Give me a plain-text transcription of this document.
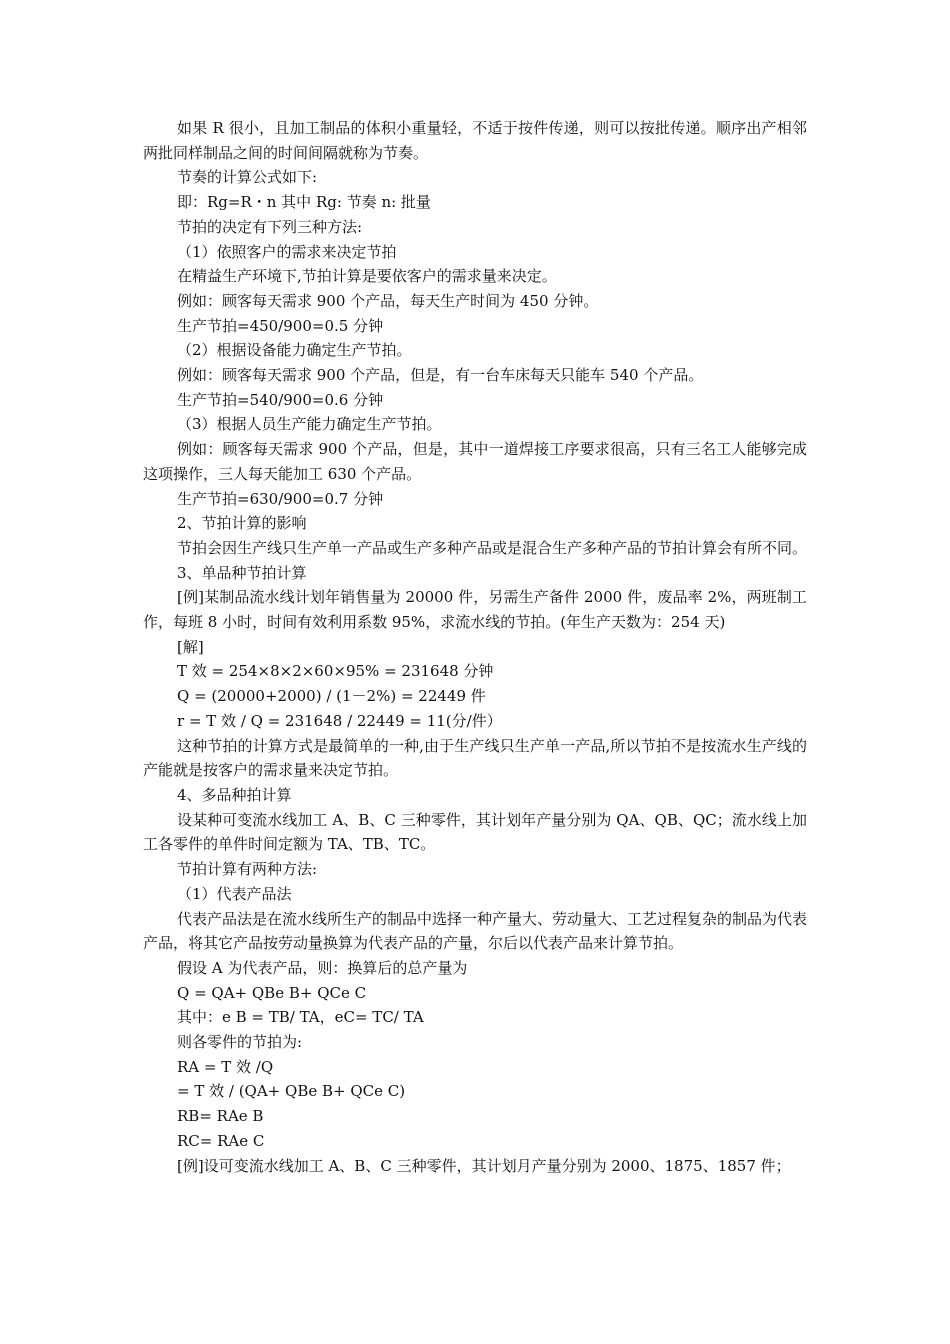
如果 R 很小，且加工制品的体积小重量轻，不适于按件传递，则可以按批传递。顺序出产相邻两批同样制品之间的时间间隔就称为节奏。

节奏的计算公式如下:

即：Rg=R・n 其中 Rg: 节奏 n: 批量

节拍的决定有下列三种方法:

（1）依照客户的需求来决定节拍

在精益生产环境下,节拍计算是要依客户的需求量来决定。

例如：顾客每天需求 900 个产品，每天生产时间为 450 分钟。

生产节拍=450/900=0.5 分钟

（2）根据设备能力确定生产节拍。

例如：顾客每天需求 900 个产品，但是，有一台车床每天只能车 540 个产品。

生产节拍=540/900=0.6 分钟

（3）根据人员生产能力确定生产节拍。

例如：顾客每天需求 900 个产品，但是，其中一道焊接工序要求很高，只有三名工人能够完成这项操作，三人每天能加工 630 个产品。

生产节拍=630/900=0.7 分钟

2、节拍计算的影响

节拍会因生产线只生产单一产品或生产多种产品或是混合生产多种产品的节拍计算会有所不同。

3、单品种节拍计算

[例]某制品流水线计划年销售量为 20000 件，另需生产备件 2000 件，废品率 2%，两班制工作，每班 8 小时，时间有效利用系数 95%，求流水线的节拍。(年生产天数为：254 天)

[解]

T 效 = 254×8×2×60×95% = 231648 分钟

Q = (20000+2000) / (1－2%) = 22449 件

r = T 效 / Q = 231648 / 22449 = 11(分/件）

这种节拍的计算方式是最简单的一种,由于生产线只生产单一产品,所以节拍不是按流水生产线的产能就是按客户的需求量来决定节拍。

4、多品种拍计算

设某种可变流水线加工 A、B、C 三种零件，其计划年产量分别为 QA、QB、QC；流水线上加工各零件的单件时间定额为 TA、TB、TC。

节拍计算有两种方法:

（1）代表产品法

代表产品法是在流水线所生产的制品中选择一种产量大、劳动量大、工艺过程复杂的制品为代表产品，将其它产品按劳动量换算为代表产品的产量，尔后以代表产品来计算节拍。

假设 A 为代表产品，则：换算后的总产量为

Q = QA+ QBe B+ QCe C

其中：e B = TB/ TA，eC= TC/ TA

则各零件的节拍为:

RA = T 效 /Q

= T 效 / (QA+ QBe B+ QCe C)

RB= RAe B

RC= RAe C

[例]设可变流水线加工 A、B、C 三种零件，其计划月产量分别为 2000、1875、1857 件；
